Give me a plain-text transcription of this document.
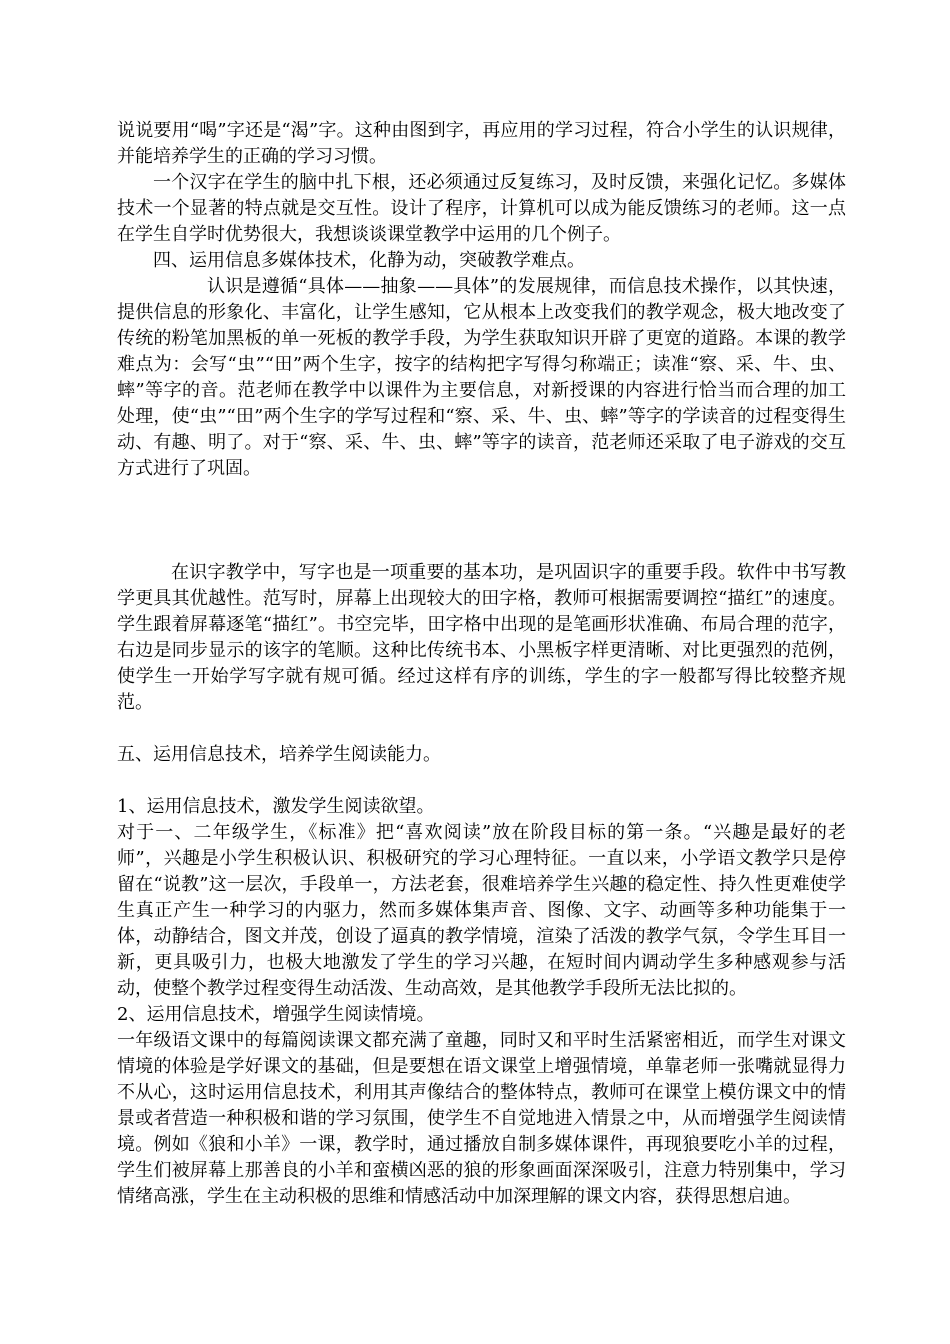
说说要用“喝”字还是“渴”字。这种由图到字，再应用的学习过程，符合小学生的认识规律，并能培养学生的正确的学习习惯。

一个汉字在学生的脑中扎下根，还必须通过反复练习，及时反馈，来强化记忆。多媒体技术一个显著的特点就是交互性。设计了程序，计算机可以成为能反馈练习的老师。这一点在学生自学时优势很大，我想谈谈课堂教学中运用的几个例子。

四、运用信息多媒体技术，化静为动，突破教学难点。

认识是遵循“具体——抽象——具体”的发展规律，而信息技术操作，以其快速，提供信息的形象化、丰富化，让学生感知，它从根本上改变我们的教学观念，极大地改变了传统的粉笔加黑板的单一死板的教学手段，为学生获取知识开辟了更宽的道路。本课的教学难点为：会写“虫”“田”两个生字，按字的结构把字写得匀称端正；读准“察、采、牛、虫、蟀”等字的音。范老师在教学中以课件为主要信息，对新授课的内容进行恰当而合理的加工处理，使“虫”“田”两个生字的学写过程和“察、采、牛、虫、蟀”等字的学读音的过程变得生动、有趣、明了。对于“察、采、牛、虫、蟀”等字的读音，范老师还采取了电子游戏的交互方式进行了巩固。

在识字教学中，写字也是一项重要的基本功，是巩固识字的重要手段。软件中书写教学更具其优越性。范写时，屏幕上出现较大的田字格，教师可根据需要调控“描红”的速度。学生跟着屏幕逐笔“描红”。书空完毕，田字格中出现的是笔画形状准确、布局合理的范字，右边是同步显示的该字的笔顺。这种比传统书本、小黑板字样更清晰、对比更强烈的范例，使学生一开始学写字就有规可循。经过这样有序的训练，学生的字一般都写得比较整齐规范。

五、运用信息技术，培养学生阅读能力。

1、运用信息技术，激发学生阅读欲望。

对于一、二年级学生，《标准》把“喜欢阅读”放在阶段目标的第一条。“兴趣是最好的老师”，兴趣是小学生积极认识、积极研究的学习心理特征。一直以来，小学语文教学只是停留在“说教”这一层次，手段单一，方法老套，很难培养学生兴趣的稳定性、持久性更难使学生真正产生一种学习的内驱力，然而多媒体集声音、图像、文字、动画等多种功能集于一体，动静结合，图文并茂，创设了逼真的教学情境，渲染了活泼的教学气氛，令学生耳目一新，更具吸引力，也极大地激发了学生的学习兴趣，在短时间内调动学生多种感观参与活动，使整个教学过程变得生动活泼、生动高效，是其他教学手段所无法比拟的。

2、运用信息技术，增强学生阅读情境。

一年级语文课中的每篇阅读课文都充满了童趣，同时又和平时生活紧密相近，而学生对课文情境的体验是学好课文的基础，但是要想在语文课堂上增强情境，单靠老师一张嘴就显得力不从心，这时运用信息技术，利用其声像结合的整体特点，教师可在课堂上模仿课文中的情景或者营造一种积极和谐的学习氛围，使学生不自觉地进入情景之中，从而增强学生阅读情境。例如《狼和小羊》一课，教学时，通过播放自制多媒体课件，再现狼要吃小羊的过程，学生们被屏幕上那善良的小羊和蛮横凶恶的狼的形象画面深深吸引，注意力特别集中，学习情绪高涨，学生在主动积极的思维和情感活动中加深理解的课文内容，获得思想启迪。
